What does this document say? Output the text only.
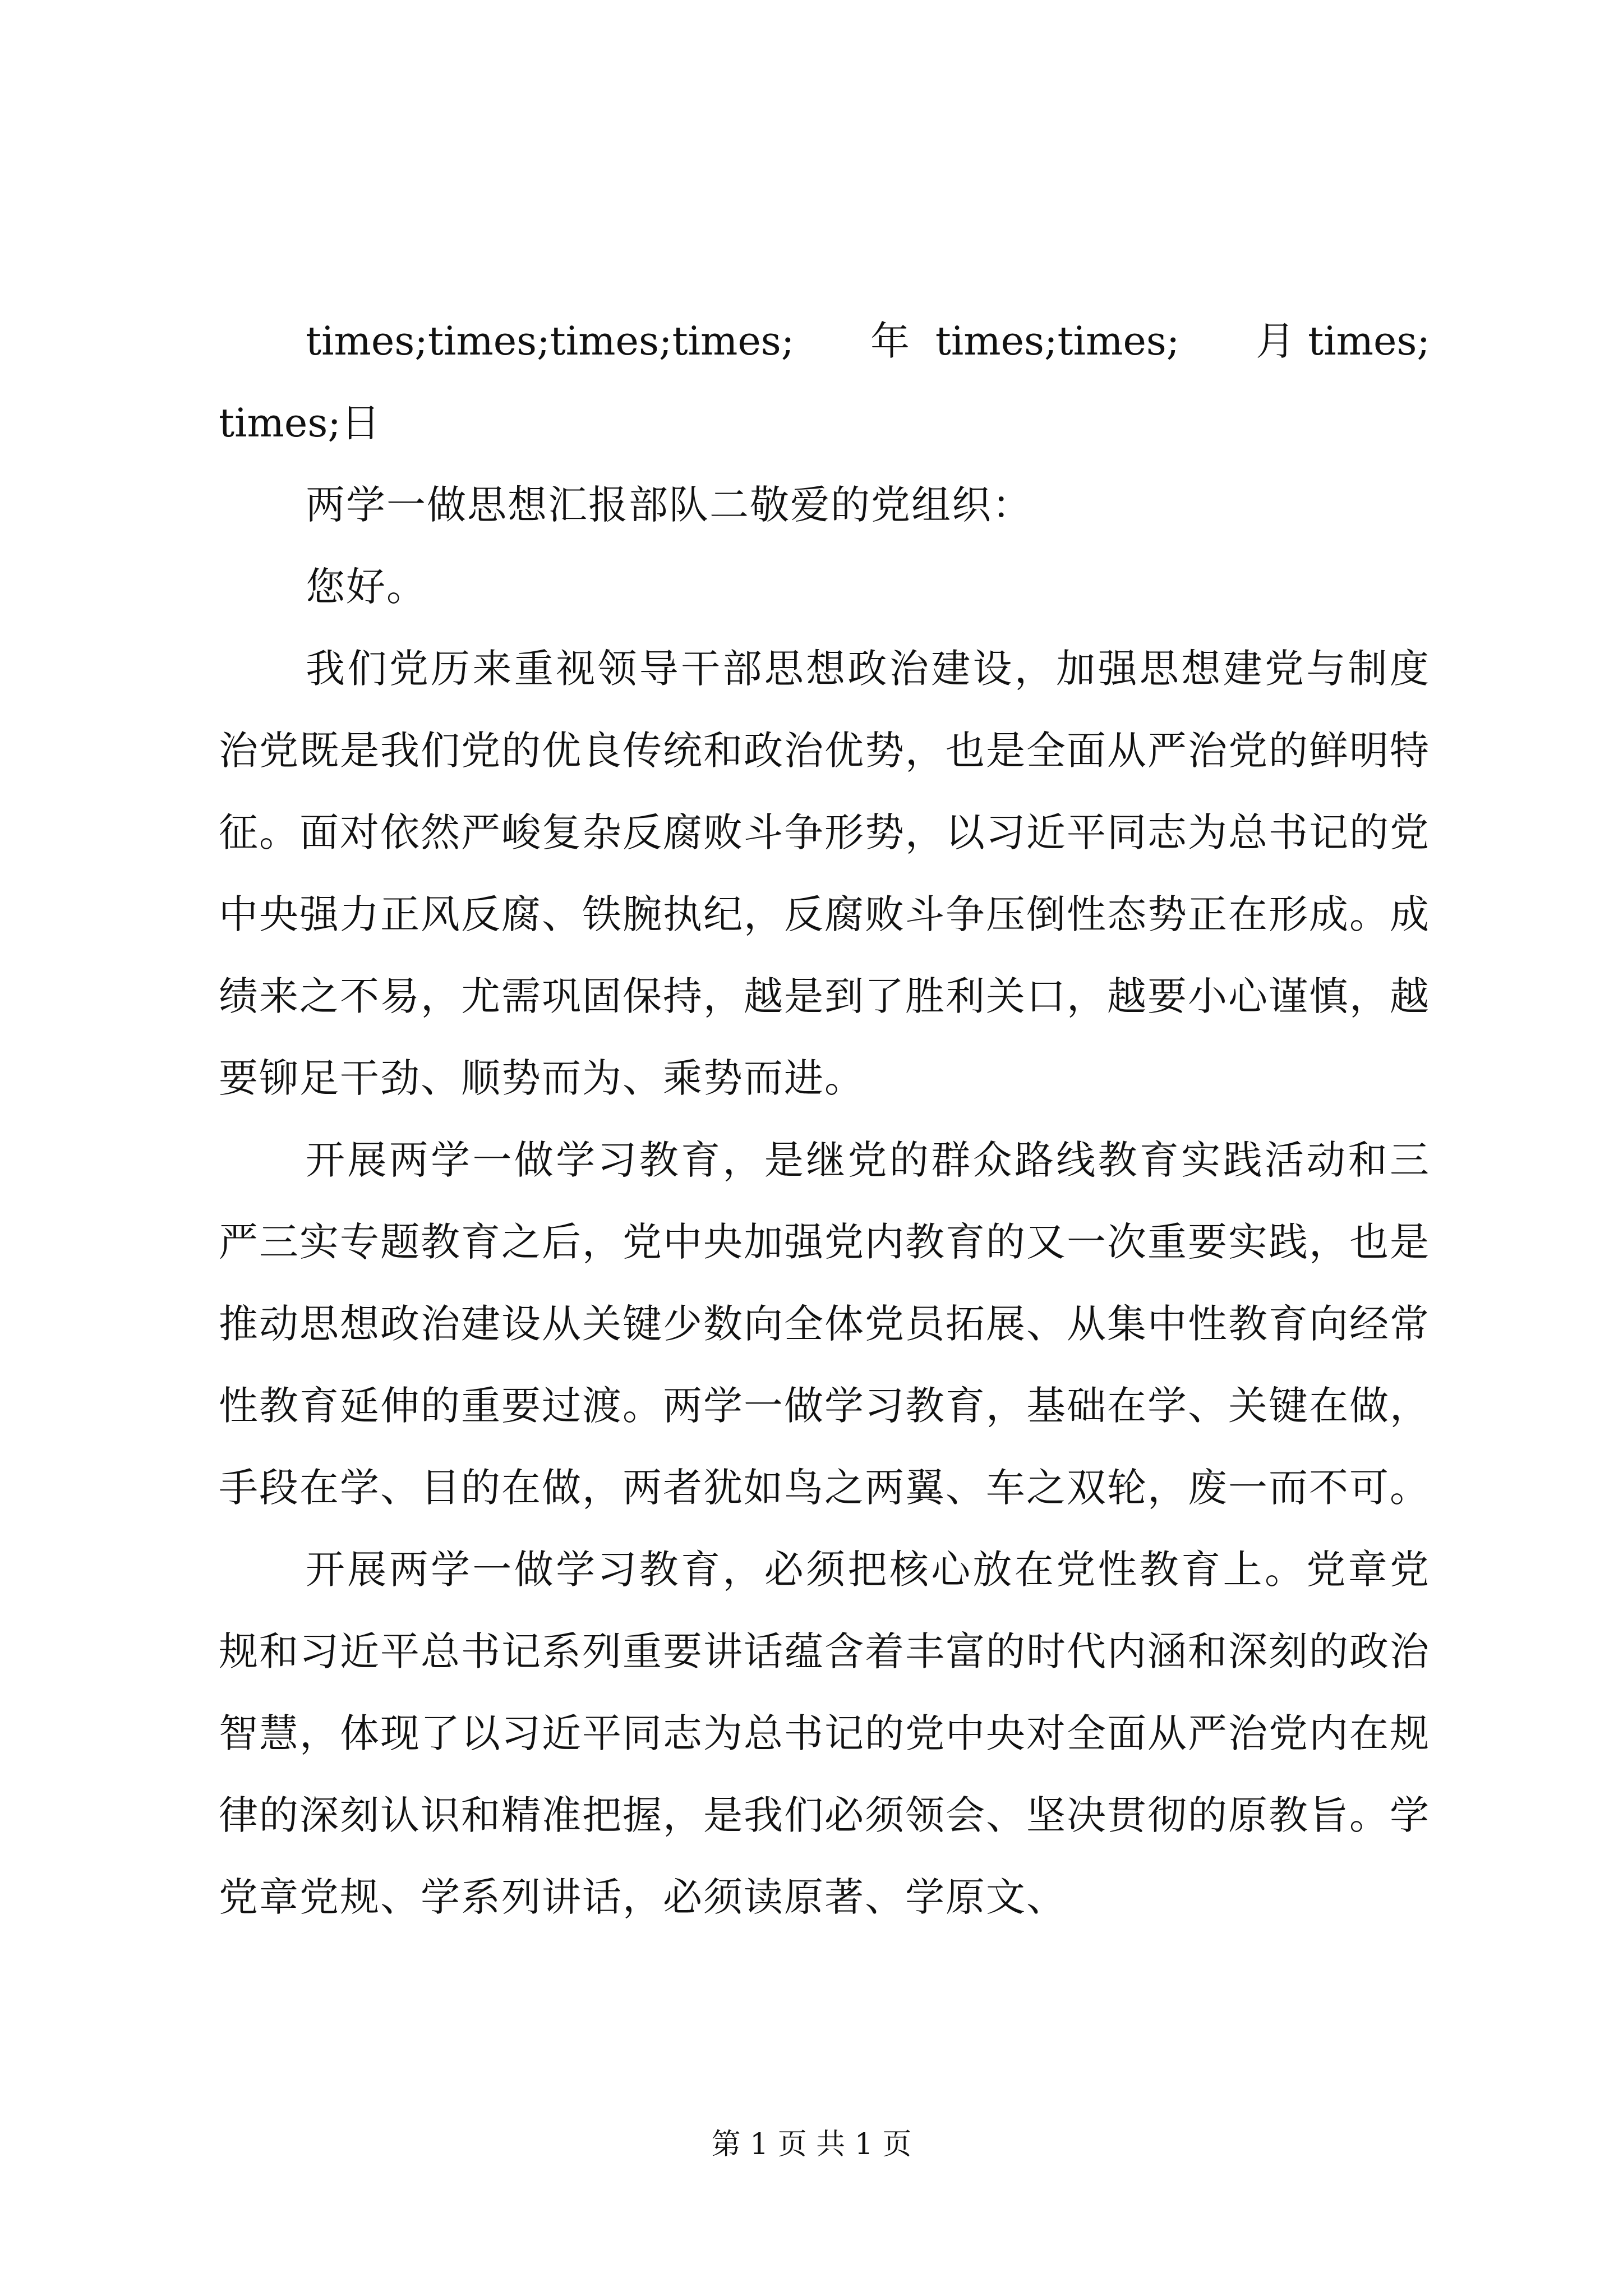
times;times;times;times;      年  times;times;      月 times;times;日

两学一做思想汇报部队二敬爱的党组织：

您好。

我们党历来重视领导干部思想政治建设，加强思想建党与制度治党既是我们党的优良传统和政治优势，也是全面从严治党的鲜明特征。面对依然严峻复杂反腐败斗争形势，以习近平同志为总书记的党中央强力正风反腐、铁腕执纪，反腐败斗争压倒性态势正在形成。成绩来之不易，尤需巩固保持，越是到了胜利关口，越要小心谨慎，越要铆足干劲、顺势而为、乘势而进。

开展两学一做学习教育，是继党的群众路线教育实践活动和三严三实专题教育之后，党中央加强党内教育的又一次重要实践，也是推动思想政治建设从关键少数向全体党员拓展、从集中性教育向经常性教育延伸的重要过渡。两学一做学习教育，基础在学、关键在做，手段在学、目的在做，两者犹如鸟之两翼、车之双轮，废一而不可。

开展两学一做学习教育，必须把核心放在党性教育上。党章党规和习近平总书记系列重要讲话蕴含着丰富的时代内涵和深刻的政治智慧，体现了以习近平同志为总书记的党中央对全面从严治党内在规律的深刻认识和精准把握，是我们必须领会、坚决贯彻的原教旨。学党章党规、学系列讲话，必须读原著、学原文、

第 1 页 共 1 页
